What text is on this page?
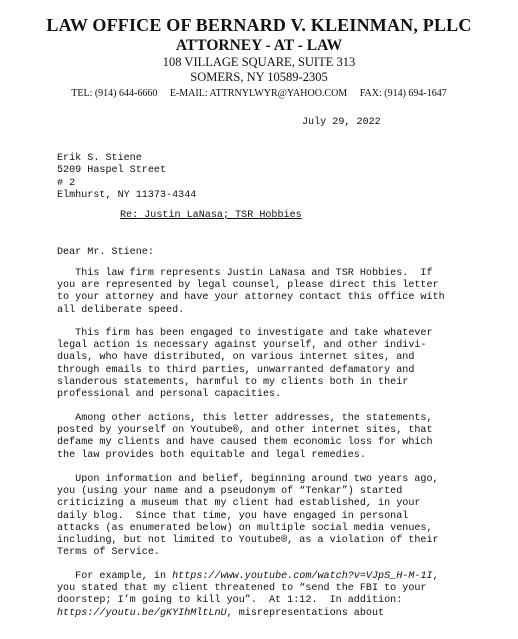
LAW OFFICE OF BERNARD V. KLEINMAN, PLLC
ATTORNEY - AT - LAW
108 VILLAGE SQUARE, SUITE 313
SOMERS, NY 10589-2305
TEL: (914) 644-6660 E-MAIL: ATTRNYLWYR@YAHOO.COM FAX: (914) 694-1647
July 29, 2022
Erik S. Stiene
5209 Haspel Street
# 2
Elmhurst, NY 11373-4344
Re: Justin LaNasa; TSR Hobbies
Dear Mr. Stiene:
This law firm represents Justin LaNasa and TSR Hobbies.  If
you are represented by legal counsel, please direct this letter
to your attorney and have your attorney contact this office with
all deliberate speed.
This firm has been engaged to investigate and take whatever
legal action is necessary against yourself, and other indivi-
duals, who have distributed, on various internet sites, and
through emails to third parties, unwarranted defamatory and
slanderous statements, harmful to my clients both in their
professional and personal capacities.
Among other actions, this letter addresses, the statements,
posted by yourself on Youtube®, and other internet sites, that
defame my clients and have caused them economic loss for which
the law provides both equitable and legal remedies.
Upon information and belief, beginning around two years ago,
you (using your name and a pseudonym of “Tenkar”) started
criticizing a museum that my client had established, in your
daily blog.  Since that time, you have engaged in personal
attacks (as enumerated below) on multiple social media venues,
including, but not limited to Youtube®, as a violation of their
Terms of Service.
For example, in https://www.youtube.com/watch?v=VJpS_H-M-1I,
you stated that my client threatened to “send the FBI to your
doorstep; I’m going to kill you”.  At 1:12.  In addition:
https://youtu.be/gKYIhMltLnU, misrepresentations about
